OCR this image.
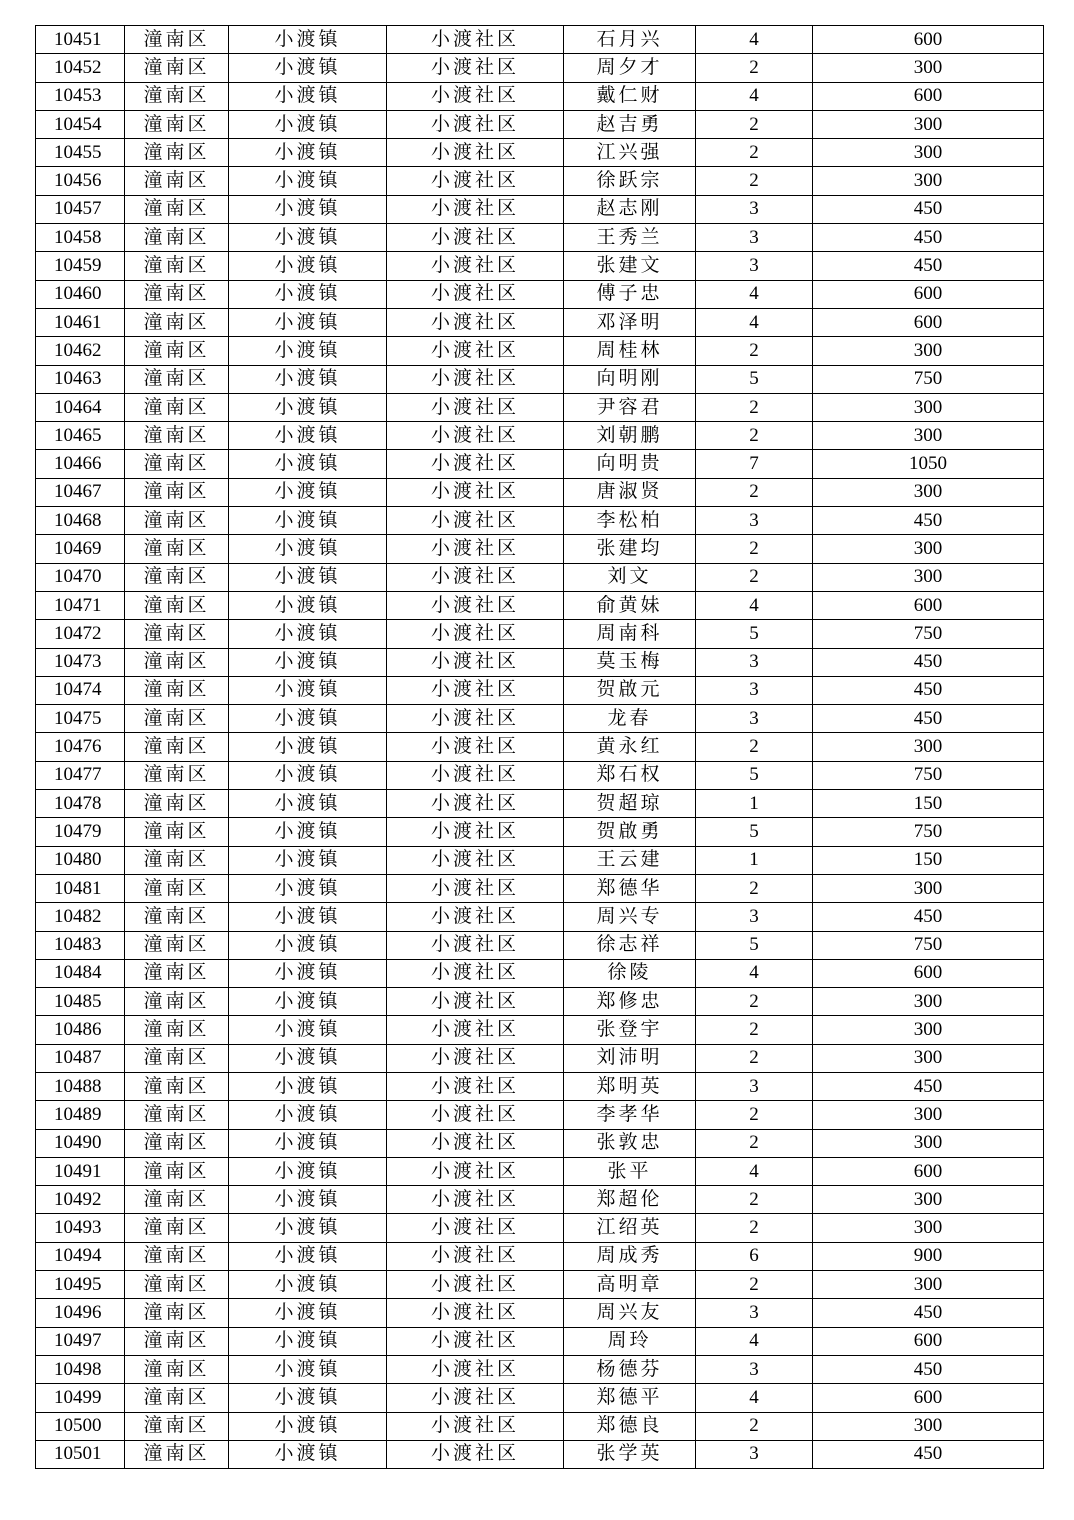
10451	潼南区	小渡镇	小渡社区	石月兴	4	600
10452	潼南区	小渡镇	小渡社区	周夕才	2	300
10453	潼南区	小渡镇	小渡社区	戴仁财	4	600
10454	潼南区	小渡镇	小渡社区	赵吉勇	2	300
10455	潼南区	小渡镇	小渡社区	江兴强	2	300
10456	潼南区	小渡镇	小渡社区	徐跃宗	2	300
10457	潼南区	小渡镇	小渡社区	赵志刚	3	450
10458	潼南区	小渡镇	小渡社区	王秀兰	3	450
10459	潼南区	小渡镇	小渡社区	张建文	3	450
10460	潼南区	小渡镇	小渡社区	傅子忠	4	600
10461	潼南区	小渡镇	小渡社区	邓泽明	4	600
10462	潼南区	小渡镇	小渡社区	周桂林	2	300
10463	潼南区	小渡镇	小渡社区	向明刚	5	750
10464	潼南区	小渡镇	小渡社区	尹容君	2	300
10465	潼南区	小渡镇	小渡社区	刘朝鹏	2	300
10466	潼南区	小渡镇	小渡社区	向明贵	7	1050
10467	潼南区	小渡镇	小渡社区	唐淑贤	2	300
10468	潼南区	小渡镇	小渡社区	李松柏	3	450
10469	潼南区	小渡镇	小渡社区	张建均	2	300
10470	潼南区	小渡镇	小渡社区	刘文	2	300
10471	潼南区	小渡镇	小渡社区	俞黄妹	4	600
10472	潼南区	小渡镇	小渡社区	周南科	5	750
10473	潼南区	小渡镇	小渡社区	莫玉梅	3	450
10474	潼南区	小渡镇	小渡社区	贺啟元	3	450
10475	潼南区	小渡镇	小渡社区	龙春	3	450
10476	潼南区	小渡镇	小渡社区	黄永红	2	300
10477	潼南区	小渡镇	小渡社区	郑石权	5	750
10478	潼南区	小渡镇	小渡社区	贺超琼	1	150
10479	潼南区	小渡镇	小渡社区	贺啟勇	5	750
10480	潼南区	小渡镇	小渡社区	王云建	1	150
10481	潼南区	小渡镇	小渡社区	郑德华	2	300
10482	潼南区	小渡镇	小渡社区	周兴专	3	450
10483	潼南区	小渡镇	小渡社区	徐志祥	5	750
10484	潼南区	小渡镇	小渡社区	徐陵	4	600
10485	潼南区	小渡镇	小渡社区	郑修忠	2	300
10486	潼南区	小渡镇	小渡社区	张登宇	2	300
10487	潼南区	小渡镇	小渡社区	刘沛明	2	300
10488	潼南区	小渡镇	小渡社区	郑明英	3	450
10489	潼南区	小渡镇	小渡社区	李孝华	2	300
10490	潼南区	小渡镇	小渡社区	张敦忠	2	300
10491	潼南区	小渡镇	小渡社区	张平	4	600
10492	潼南区	小渡镇	小渡社区	郑超伦	2	300
10493	潼南区	小渡镇	小渡社区	江绍英	2	300
10494	潼南区	小渡镇	小渡社区	周成秀	6	900
10495	潼南区	小渡镇	小渡社区	高明章	2	300
10496	潼南区	小渡镇	小渡社区	周兴友	3	450
10497	潼南区	小渡镇	小渡社区	周玲	4	600
10498	潼南区	小渡镇	小渡社区	杨德芬	3	450
10499	潼南区	小渡镇	小渡社区	郑德平	4	600
10500	潼南区	小渡镇	小渡社区	郑德良	2	300
10501	潼南区	小渡镇	小渡社区	张学英	3	450
